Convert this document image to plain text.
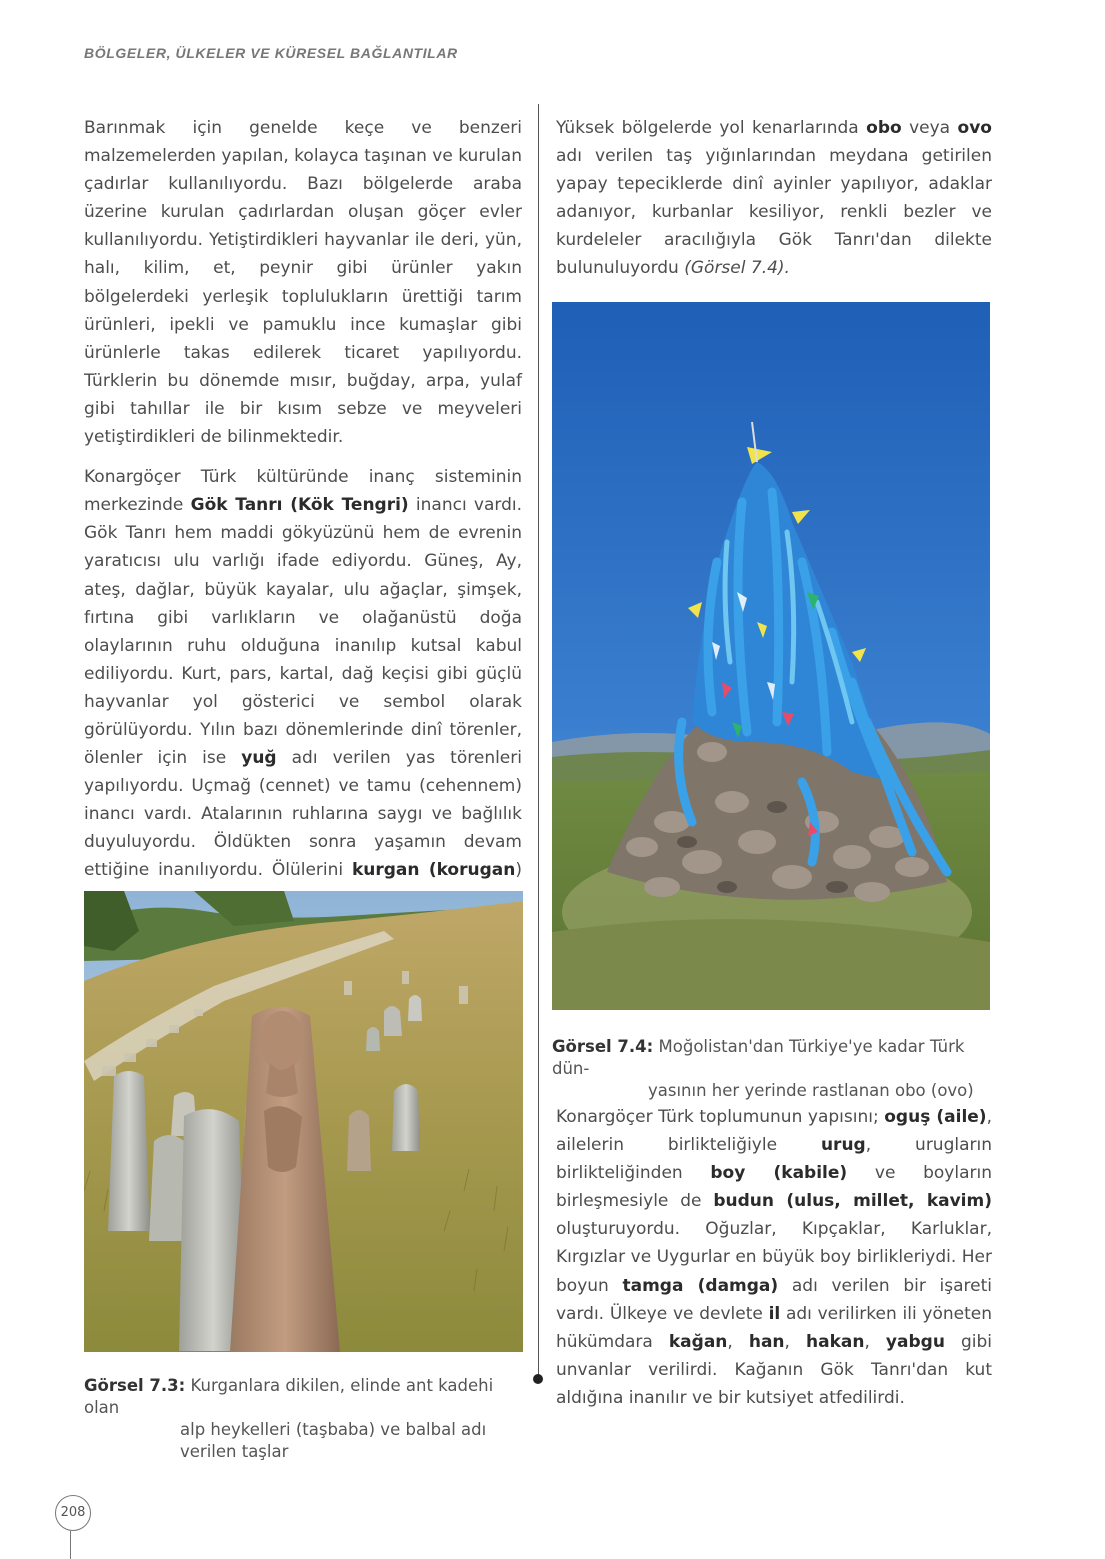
BÖLGELER, ÜLKELER VE KÜRESEL BAĞLANTILAR

Barınmak için genelde keçe ve benzeri malzemelerden yapılan, kolayca taşınan ve kurulan çadırlar kullanılıyordu. Bazı bölgelerde araba üzerine kurulan çadırlardan oluşan göçer evler kullanılıyordu. Yetiştirdikleri hayvanlar ile deri, yün, halı, kilim, et, peynir gibi ürünler yakın bölgelerdeki yerleşik toplulukların ürettiği tarım ürünleri, ipekli ve pamuklu ince kumaşlar gibi ürünlerle takas edilerek ticaret yapılıyordu. Türklerin bu dönemde mısır, buğday, arpa, yulaf gibi tahıllar ile bir kısım sebze ve meyveleri yetiştirdikleri de bilinmektedir.

Konargöçer Türk kültüründe inanç sisteminin merkezinde Gök Tanrı (Kök Tengri) inancı vardı. Gök Tanrı hem maddi gökyüzünü hem de evrenin yaratıcısı ulu varlığı ifade ediyordu. Güneş, Ay, ateş, dağlar, büyük kayalar, ulu ağaçlar, şimşek, fırtına gibi varlıkların ve olağanüstü doğa olaylarının ruhu olduğuna inanılıp kutsal kabul ediliyordu. Kurt, pars, kartal, dağ keçisi gibi güçlü hayvanlar yol gösterici ve sembol olarak görülüyordu. Yılın bazı dönemlerinde dinî törenler, ölenler için ise yuğ adı verilen yas törenleri yapılıyordu. Uçmağ (cennet) ve tamu (cehennem) inancı vardı. Atalarının ruhlarına saygı ve bağlılık duyuluyordu. Öldükten sonra yaşamın devam ettiğine inanılıyordu. Ölülerini kurgan (korugan)

Görsel 7.3: Kurganlara dikilen, elinde ant kadehi olan
alp heykelleri (taşbaba) ve balbal adı
verilen taşlar

Yüksek bölgelerde yol kenarlarında obo veya ovo adı verilen taş yığınlarından meydana getirilen yapay tepeciklerde dinî ayinler yapılıyor, adaklar adanıyor, kurbanlar kesiliyor, renkli bezler ve kurdeleler aracılığıyla Gök Tanrı'dan dilekte bulunuluyordu (Görsel 7.4).

Görsel 7.4: Moğolistan'dan Türkiye'ye kadar Türk dün-
yasının her yerinde rastlanan obo (ovo)

Konargöçer Türk toplumunun yapısını; oguş (aile), ailelerin birlikteliğiyle urug, urugların birlikteliğinden boy (kabile) ve boyların birleşmesiyle de budun (ulus, millet, kavim) oluşturuyordu. Oğuzlar, Kıpçaklar, Karluklar, Kırgızlar ve Uygurlar en büyük boy birlikleriydi. Her boyun tamga (damga) adı verilen bir işareti vardı. Ülkeye ve devlete il adı verilirken ili yöneten hükümdara kağan, han, hakan, yabgu gibi unvanlar verilirdi. Kağanın Gök Tanrı'dan kut aldığına inanılır ve bir kutsiyet atfedilirdi.

208
